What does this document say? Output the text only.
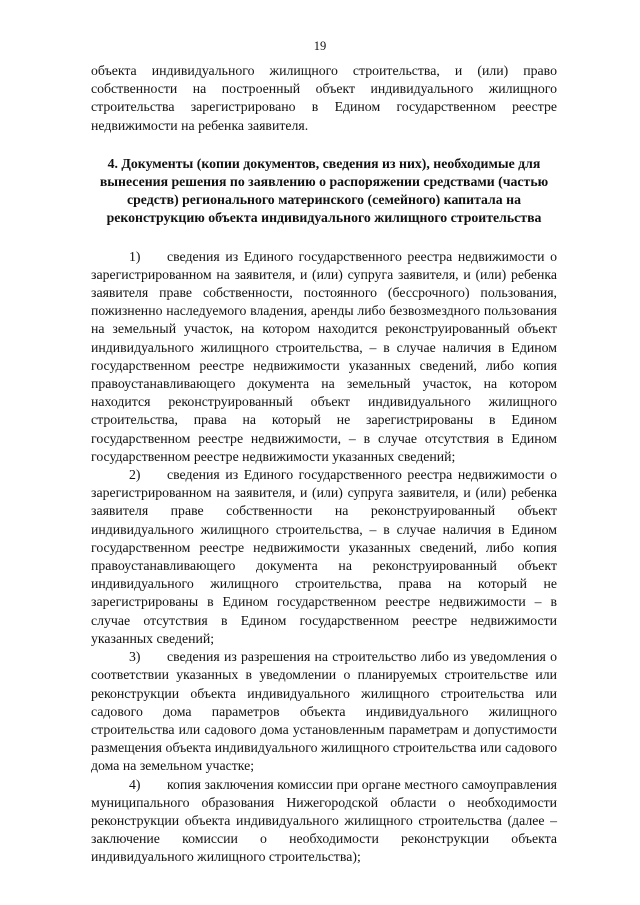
19

объекта индивидуального жилищного строительства, и (или) право собственности на построенный объект индивидуального жилищного строительства зарегистрировано в Едином государственном реестре недвижимости на ребенка заявителя.

4. Документы (копии документов, сведения из них), необходимые для вынесения решения по заявлению о распоряжении средствами (частью средств) регионального материнского (семейного) капитала на реконструкцию объекта индивидуального жилищного строительства

1) сведения из Единого государственного реестра недвижимости о зарегистрированном на заявителя, и (или) супруга заявителя, и (или) ребенка заявителя праве собственности, постоянного (бессрочного) пользования, пожизненно наследуемого владения, аренды либо безвозмездного пользования на земельный участок, на котором находится реконструированный объект индивидуального жилищного строительства, – в случае наличия в Едином государственном реестре недвижимости указанных сведений, либо копия правоустанавливающего документа на земельный участок, на котором находится реконструированный объект индивидуального жилищного строительства, права на который не зарегистрированы в Едином государственном реестре недвижимости, – в случае отсутствия в Едином государственном реестре недвижимости указанных сведений;

2) сведения из Единого государственного реестра недвижимости о зарегистрированном на заявителя, и (или) супруга заявителя, и (или) ребенка заявителя праве собственности на реконструированный объект индивидуального жилищного строительства, – в случае наличия в Едином государственном реестре недвижимости указанных сведений, либо копия правоустанавливающего документа на реконструированный объект индивидуального жилищного строительства, права на который не зарегистрированы в Едином государственном реестре недвижимости – в случае отсутствия в Едином государственном реестре недвижимости указанных сведений;

3) сведения из разрешения на строительство либо из уведомления о соответствии указанных в уведомлении о планируемых строительстве или реконструкции объекта индивидуального жилищного строительства или садового дома параметров объекта индивидуального жилищного строительства или садового дома установленным параметрам и допустимости размещения объекта индивидуального жилищного строительства или садового дома на земельном участке;

4) копия заключения комиссии при органе местного самоуправления муниципального образования Нижегородской области о необходимости реконструкции объекта индивидуального жилищного строительства (далее – заключение комиссии о необходимости реконструкции объекта индивидуального жилищного строительства);
